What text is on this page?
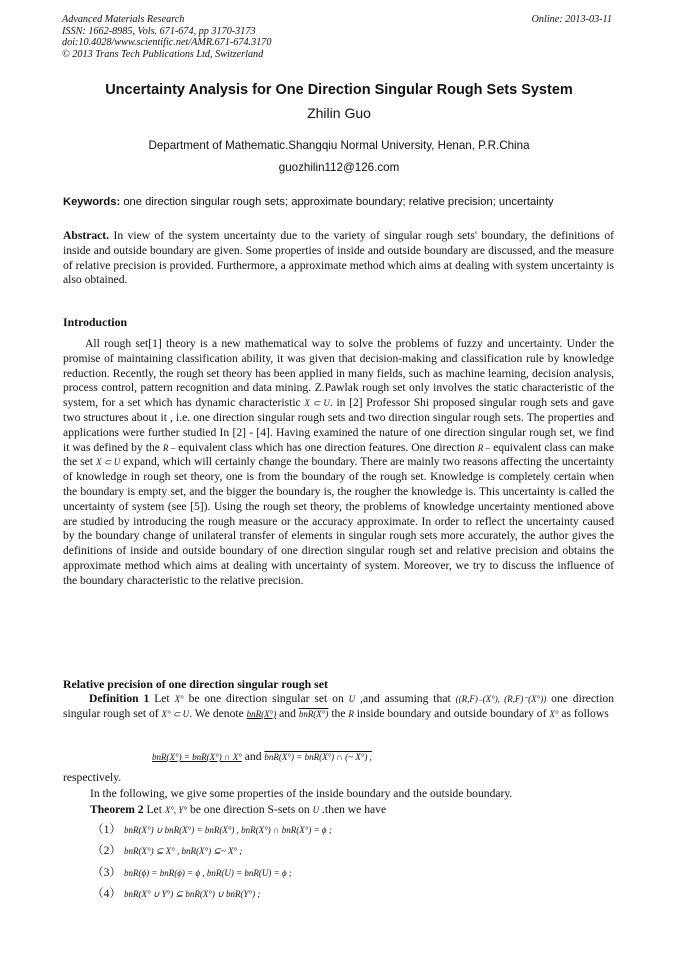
Advanced Materials Research
ISSN: 1662-8985, Vols. 671-674, pp 3170-3173
doi:10.4028/www.scientific.net/AMR.671-674.3170
© 2013 Trans Tech Publications Ltd, Switzerland
Online: 2013-03-11
Uncertainty Analysis for One Direction Singular Rough Sets System
Zhilin Guo
Department of Mathematic.Shangqiu Normal University, Henan, P.R.China
guozhilin112@126.com
Keywords: one direction singular rough sets; approximate boundary; relative precision; uncertainty
Abstract. In view of the system uncertainty due to the variety of singular rough sets' boundary, the definitions of inside and outside boundary are given. Some properties of inside and outside boundary are discussed, and the measure of relative precision is provided. Furthermore, a approximate method which aims at dealing with system uncertainty is also obtained.
Introduction
All rough set[1] theory is a new mathematical way to solve the problems of fuzzy and uncertainty. Under the promise of maintaining classification ability, it was given that decision-making and classification rule by knowledge reduction. Recently, the rough set theory has been applied in many fields, such as machine learning, decision analysis, process control, pattern recognition and data mining. Z.Pawlak rough set only involves the static characteristic of the system, for a set which has dynamic characteristic X ⊂ U. in [2] Professor Shi proposed singular rough sets and gave two structures about it , i.e. one direction singular rough sets and two direction singular rough sets. The properties and applications were further studied In [2] - [4]. Having examined the nature of one direction singular rough set, we find it was defined by the R – equivalent class which has one direction features. One direction R – equivalent class can make the set X ⊂ U expand, which will certainly change the boundary. There are mainly two reasons affecting the uncertainty of knowledge in rough set theory, one is from the boundary of the rough set. Knowledge is completely certain when the boundary is empty set, and the bigger the boundary is, the rougher the knowledge is. This uncertainty is called the uncertainty of system (see [5]). Using the rough set theory, the problems of knowledge uncertainty mentioned above are studied by introducing the rough measure or the accuracy approximate. In order to reflect the uncertainty caused by the boundary change of unilateral transfer of elements in singular rough sets more accurately, the author gives the definitions of inside and outside boundary of one direction singular rough set and relative precision and obtains the approximate method which aims at dealing with uncertainty of system. Moreover, we try to discuss the influence of the boundary characteristic to the relative precision.
Relative precision of one direction singular rough set
Definition 1 Let X° be one direction singular set on U ,and assuming that ((R,F)₋(X°), (R,F)⁻(X°)) one direction singular rough set of X° ⊂ U. We denote bnR(X°) and bnR(X°) the R inside boundary and outside boundary of X° as follows
bnR(X°) = bnR(X°) ∩ X° and bnR(X°) = bnR(X°) ∩ (~ X°) ,
respectively.
In the following, we give some properties of the inside boundary and the outside boundary.
Theorem 2 Let X°, Y° be one direction S-sets on U .then we have
（1） bnR(X°) ∪ bnR(X°) = bnR(X°) , bnR(X°) ∩ bnR(X°) = ϕ ;
（2） bnR(X°) ⊆ X° , bnR(X°) ⊆~ X° ;
（3） bnR(ϕ) = bnR(ϕ) = ϕ , bnR(U) = bnR(U) = ϕ ;
（4） bnR(X° ∪ Y°) ⊆ bnR(X°) ∪ bnR(Y°) ;
